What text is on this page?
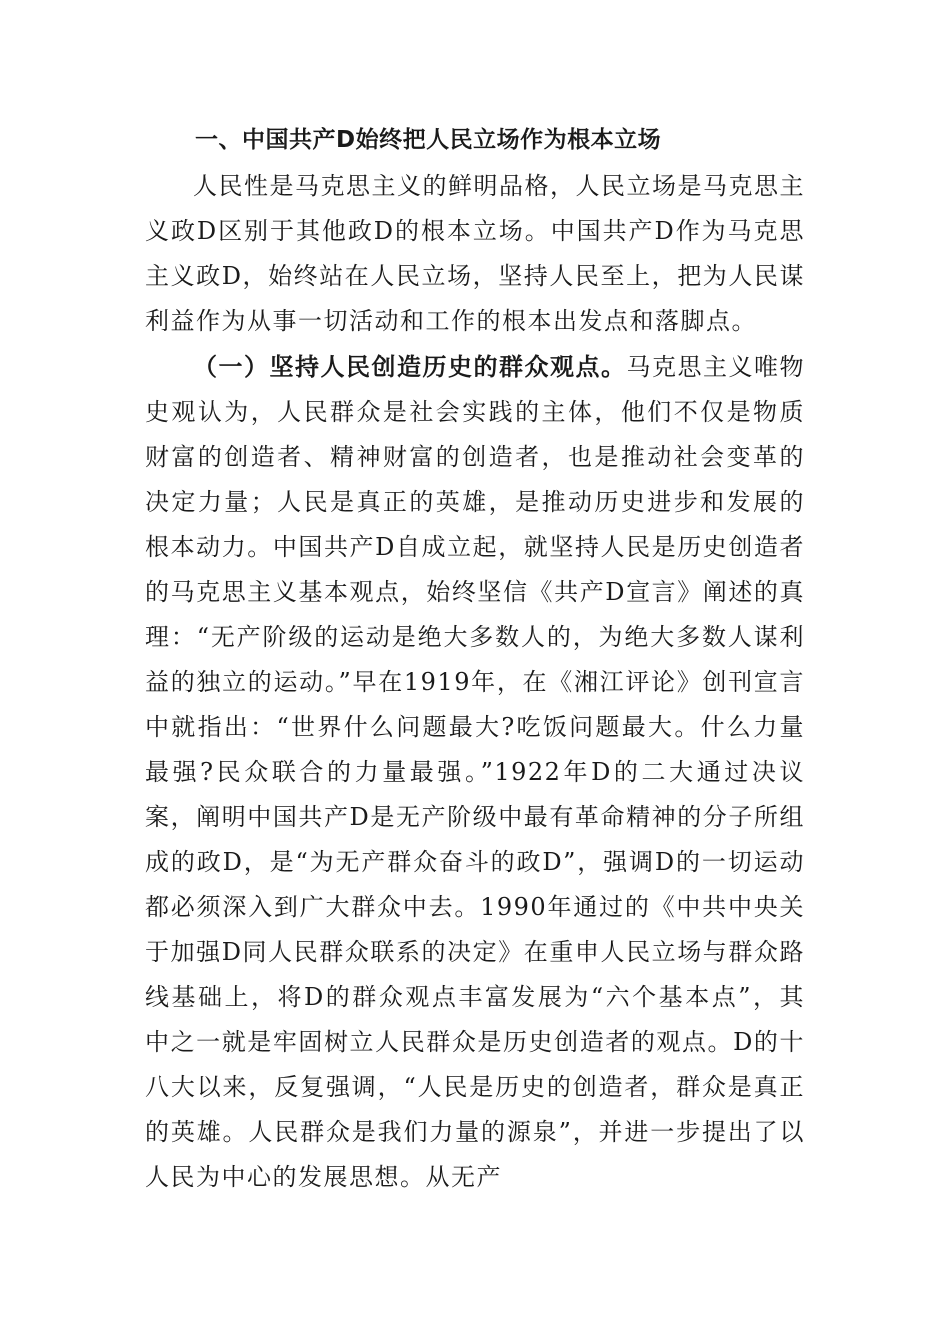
一、中国共产D始终把人民立场作为根本立场

人民性是马克思主义的鲜明品格，人民立场是马克思主义政D区别于其他政D的根本立场。中国共产D作为马克思主义政D，始终站在人民立场，坚持人民至上，把为人民谋利益作为从事一切活动和工作的根本出发点和落脚点。

（一）坚持人民创造历史的群众观点。马克思主义唯物史观认为，人民群众是社会实践的主体，他们不仅是物质财富的创造者、精神财富的创造者，也是推动社会变革的决定力量；人民是真正的英雄，是推动历史进步和发展的根本动力。中国共产D自成立起，就坚持人民是历史创造者的马克思主义基本观点，始终坚信《共产D宣言》阐述的真理：“无产阶级的运动是绝大多数人的，为绝大多数人谋利益的独立的运动。”早在1919年，在《湘江评论》创刊宣言中就指出：“世界什么问题最大?吃饭问题最大。什么力量最强?民众联合的力量最强。”1922年D的二大通过决议案，阐明中国共产D是无产阶级中最有革命精神的分子所组成的政D，是“为无产群众奋斗的政D”，强调D的一切运动都必须深入到广大群众中去。1990年通过的《中共中央关于加强D同人民群众联系的决定》在重申人民立场与群众路线基础上，将D的群众观点丰富发展为“六个基本点”，其中之一就是牢固树立人民群众是历史创造者的观点。D的十八大以来，反复强调，“人民是历史的创造者，群众是真正的英雄。人民群众是我们力量的源泉”，并进一步提出了以人民为中心的发展思想。从无产
